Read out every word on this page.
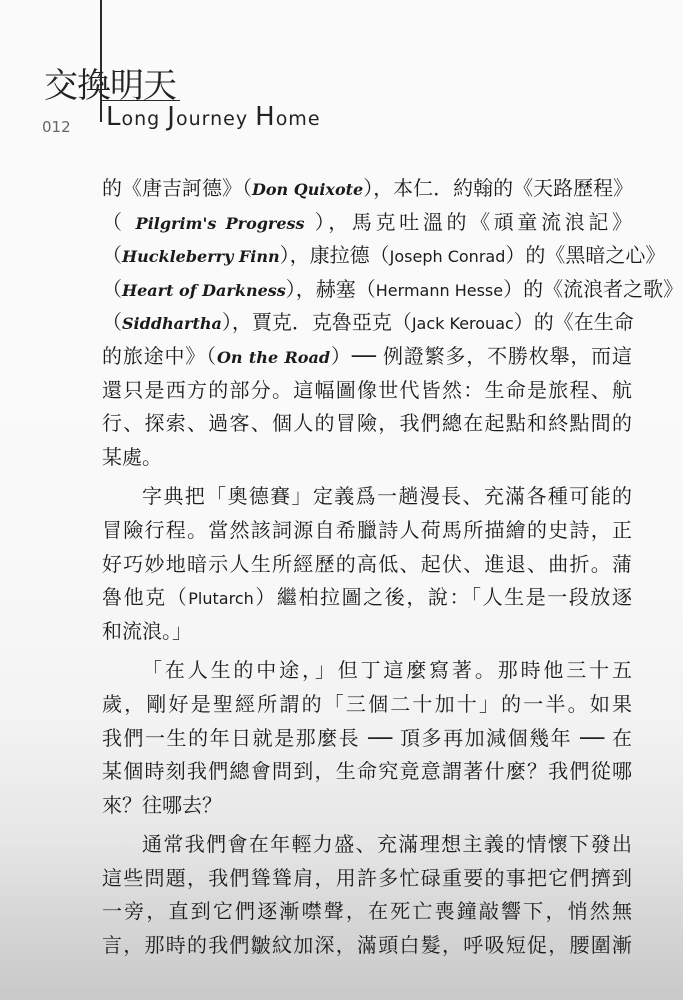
交換明天
Long Journey Home
012
的《唐吉訶德》（Don Quixote），本仁．約翰的《天路歷程》
（ Pilgrim's Progress ），馬克吐溫的《頑童流浪記》
（Huckleberry Finn），康拉德（Joseph Conrad）的《黑暗之心》
（Heart of Darkness），赫塞（Hermann Hesse）的《流浪者之歌》
（Siddhartha），賈克．克魯亞克（Jack Kerouac）的《在生命
的旅途中》（On the Road）── 例證繁多，不勝枚舉，而這
還只是西方的部分。這幅圖像世代皆然：生命是旅程、航
行、探索、過客、個人的冒險，我們總在起點和終點間的
某處。
字典把「奧德賽」定義爲一趟漫長、充滿各種可能的
冒險行程。當然該詞源自希臘詩人荷馬所描繪的史詩，正
好巧妙地暗示人生所經歷的高低、起伏、進退、曲折。蒲
魯他克（Plutarch）繼柏拉圖之後，說：「人生是一段放逐
和流浪。」
「在人生的中途，」但丁這麼寫著。那時他三十五
歲，剛好是聖經所謂的「三個二十加十」的一半。如果
我們一生的年日就是那麼長 ── 頂多再加減個幾年 ── 在
某個時刻我們總會問到，生命究竟意謂著什麼？我們從哪
來？往哪去？
通常我們會在年輕力盛、充滿理想主義的情懷下發出
這些問題，我們聳聳肩，用許多忙碌重要的事把它們擠到
一旁，直到它們逐漸噤聲，在死亡喪鐘敲響下，悄然無
言，那時的我們皺紋加深，滿頭白髮，呼吸短促，腰圍漸
